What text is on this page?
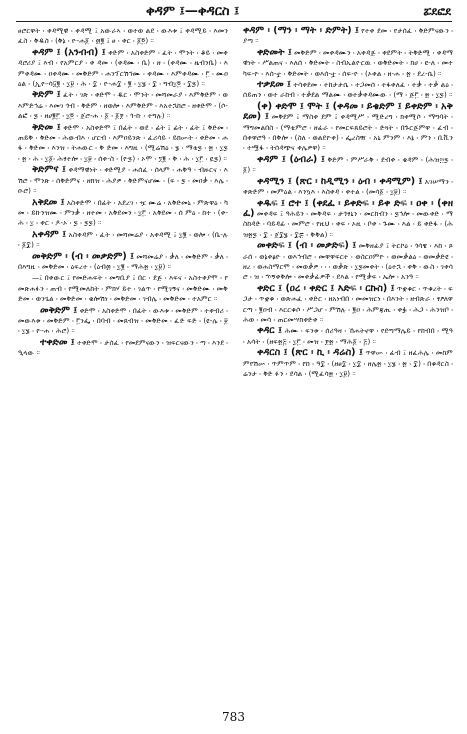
ቀዳም ፤—ቀዳርስ ፤	ፚደፎደ

ፀሮርዋት ፡ ቀዳሚዊ ፡ ቀዳሚ ፤ አውራኣ ፡ ወተወ ልደ ፡ ውእቱ ፤ ቀዳሚይ ፡ እመንፈስ ፡ ቅዱስ ፡ (ቅኔ ፡ ዮ-ሐ፩ ፡ ፴፪ ፤ ፀ ፡ ቀር ፡ ፩፬) ።

ቀዳም ፤ (አንብብ) ፤ ቀድም ፡ አስቀድም ፡ ፈት ፡ ሞንት ፡ ቆይ ፡ መቀዳሮሪያ ፤ እብ ፡ የአምርያ ፡ ቀ ዳመ ፡ (ቀዳሙ ፡ ቤ) ፡ ዘ ፡ (ቀዳሙ ፡ ዜብንቤ) ፡ እምቀዳሙ ፡ ዐቀዳሙ ፡ መቅድም ፡ ሐንፕርሽኅሙ ፡ ቀዳሙ ፡ እምቀዳሙ ፡ ፫ ፡ ሙዐ ዕል ፡ (ኢዮ-ሳ፶፪ ፡ ፲፱ ፡ ሕ ፡ ፰ ፡ ዮ-ሐ፰ ፡ ፪ ፡ ፲፮ ፡ ፰ ፡ ግብ፲፬ ፡ ፰፯) ።

ቅድም ፤ ፈት ፡ ገጽ ፡ ቀድሞ ፡ ዱር ፡ ሞንት ፡ መሻመራያ ፡ እምቅድም ፡ ወእምድኅሬ ፡ እመገ ጎብ ፡ ቅድም ፡ ዘወሎ ፡ እምቅድም ፡ እአተኋከሮ ፡ ዘቀድሞ ፡ (ሶ-ልፎ ፡ ፯ ፡ ዘሀ፪፫ ፡ ፲፬ ፡ ጀሮ-ሐ ፡ ፩ ፡ ፩፻ ፡ ጎ-ኩ ፡ ተግሉ) ።

ቅድመ ፤ ቀድሞ ፡ አስቀድሞ ፤ በፊት ፡ ወደ ፡ ፊት ፤ ፊት ፡ ፊት ፤ ቅድመ ፡ ጠይቅ ፡ ቅድመ ፡ ሕውብእ ፡ ሆርብ ፡ እምዐይንጽ ፡ ፈሪሳይ ፡ ይክሡት ፡ ቀድመ ፡ ሐፋ ፡ ቅድመ ፡ እንዝ ፡ ትሐውር ፡ ቅ ድመ ፡ እግዚ ፡ (ሚሬሽዕ ፡ ፮ ፡ ማቴ፯ ፡ ፳ ፡ ፲፯ ፡ ፳ ፡ ሕ ፡ ፲፩፡ ሕፃተሎ ፡ ፲፱ ፡ ሰቀ-ስ ፡ (ዮ፯) ፡ ኦሞ ፡ ፺፪ ፡ ቅ ፡ ሕ ፡ ፲፫ ፡ ዬ፯) ።

ቅድምና ፤ ቀዳማዊነት ፡ ቀድሚያ ፡ ሐሰፈ ፡ ሰላም ፡ ሐቅዓ ፡ ብዙርና ፡ እሽሮ ፡ ሞንጽ ፡ ሰቅድምና ፡ ዘክዝ ፡ ሕያዎ ፡ ቅድምናሆሙ ፡ (ፍ ፡ ፯ ፡ መዐቃ ፡ እሌ ፡ ዑሮ) ።

አቅደመ ፤ አስቀድሞ ፡ በፊት ፡ አደረገ ፡ ዧ ሙሬ ፡ አቅድመኒ ፡ ምጽዋዕ ፡ ካመ ፡ ይኩንዝሙ ፡ ምንቃ ፡ ዘተመ ፡ አቅደመን ፡ ፲፫ ፡ አቅደመ ፡ ሰ ምዕ ፡ ከተ ፡ (ቀ-ሕ ፡ ፲ ፡ ቀር ፡ ዶ-ኦ ፡ ፯ ፡ ፯፯) ።

አቀዳም ፤ አስቀዳም ፡ ፈት ፡ መሻመሬያ ፡ አቀዳሚ ፤ ፲፪ ፡ ወሎ ፡ (ቤ-ሉ ፡ ፩፰) ።

መቅድም ፡ (ብ ፡ መቃድም) ፤ መሻመሬያ ፡ ቃለ ፡ መቅድም ፡ ቃለ ፡ በእግዚ ፡ መቅድመ ፡ ዕፍረተ ፡ (ዕብ፴ ፡ ፲፪ ፡ ማሕ፳ ፡ ፲፱) ።

—፤ በቀውር ፤ የመድሐፍት ፡ መግቢያ ፤ በር ፡ ደጅ ፡ እፍና ፡ አስተቀያሞ ፡ የመጽሐፉን ፡ ጠብ ፡ የሚመለከት ፡ ምክሃ ይተ ፡ ገልጥ ፡ የሚገኝና ፡ መቅድሙ ፡ መቅድመ ፡ ወንጌል ፡ መቅድመ ፡ ቄሎሽነ ፡ መቅድመ ፡ ገብሌ ፡ መቅድመ ፡ ተአምር ።

መቅድም ፤ ቀድሞ ፡ አስቀድሞ ፡ በፊት ፡ ውእቱ ፡ መቅድም ፡ ተቀብሪ ፡ መውእቱ ፡ መቅድም ፡ ፫ንፌ ፡ በባብ ፡ መጸብዝ ፡ መቅድመ ፡ ፈድ ፍድ ፡ (ዩ-ሌ ፡ ፱ ፡ ፲፮ ፡ ዮ-ሐ ፡ ሕሮ) ።

ተቀድመ ፤ ተቀድሞ ፡ ታሰፈ ፡ የመደምናውን ፡ ዝፍርናውን ፡ ጣ ፡ እንደ ፡ ዒላው ።

ቀዳም ፡ (ማን ፡ ማት ፡ ድምት) ፤ የተቀ ደመ ፡ የታሰፈ ፡ ቅድምናውን ፡ ያጣ ።

ቀድመት ፤ መቅድም ፡ መቀዳሙን ፡ አቀዳጅ ፡ ቀደምት ፡ ትቅድሚ ፡ ቀዳማዊነት ፡ ሥልጠና ፡ እለሰ ፡ ቅድመት ፡ ስብኡልዮርዉ ፡ ወቅድመት ፡ ክሀ ፡ ዩ-ለ ፡ መተካፍ-ዮ ፡ እሰ-ቷ ፡ ቅድመት ፡ ወእሰ-ቷ ፡ ሰፍ-ዮ ፡ (ኦቀል ፡ ዘ-ሐ ፡ ፳ ፡ ደረ-ሴ) ።

ተቃደመ ፤ ተሳቀደመ ፡ ተከታታሴ ፡ ተጋመሰ ፡ ተፋቀለፈ ፡ ተቃ ፡ ተቃ ልዕ ፡ ሰይጠን ፡ ወተ ራከብ ፡ ተቃደል ማልሙ ፡ ወተቃቀዳሙው ፡ (ማ ፡ ጅ፫ ፡ ፳ ፡ ፲፯) ።

(ቀ) ቀድሞ ፤ ሞት ፤ (ቀዳመ ፡ ይቄድም ፤ ይቀድም ፡ አቅደመ) ፤ መቅደም ፤ ማስቀ ደም ፤ ቀዳሚሥ ፡ ሚድረግ ፡ ክቀሚሶ ፡ ማግባት ፡ ማግመልበስ ፡ (ማቴምሮ ፡ ዘፊራ ፡ የመርፍጸይሮት ፡ ድጓት ፡ በጉርጅምዋ ፡ ፈብ ፡ በቀዋሮዓ ፡ በቅሎ ፡ (ስለ ፡ ወልደዮቀ) ፡ ፌረስዥ ፡ አኒ ምንም ፡ እኔ ፡ ምን ፡ ቢቪን ፡ ተሟፋ ፡ ትሰዳጭና ቀሌዎዋ) ።

ቀዳም ፤ (ዕብራ) ፤ ቅድም ፡ ምሥራቅ ፡ ደብቀ ፡ ቄዳም ፡ (ሕዝ፵፯ ፡ ፩) ።

ቀዳሚን ፤ (ጽር ፡ ከዲሚን ፡ ዕብ ፡ ቀዳሚም) ፤ አገሠማን ፡ ቀጽድም ፡ መምዕል ፡ እንኳእ ፡ እስቀዳ ፡ ቀተል ፡ (መሳ፩ ፡ ፲፱) ።

ቀዱፍ ፤ ሮተ ፤ (ቀደፈ ፡ ይቀድፍ ፡ ይቀ ድፍ ፡ ዐቀ ፡ (ቀዘፈ) መቀዳፍ ፤ ዓሕይን ፡ መቅዳፍ ፡ ታጎፃኒን ፡ መርከብን ፡ ፯ኅሎ ፡ መውቀድ ፡ ማስከዳድ ፡ ባይዳፊ ፡ መምሮ ፡ የዚህ ፡ ቀፍ ፡ ኦዚ ፡ ቦቀ ፡ ጉሙ ፡ እል ፡ ይ ቀድፋ ፡ (ሕዝ፳፯ ፡ ፰ ፡ ጀ፰፮ ፡ ፰፷ ፡ ቅቅል) ።

መቀድፍ ፤ (ብ ፡ መቃድፍ) ፤ መቅዘፊያ ፤ ትርኮዕ ፡ ጎሳዌ ፡ እከ ፡ ጾራሰ ፡ ወኔቀፅዮ ፡ ወእኅብሮ ፡ መዋዋፍርተ ፡ ወስርዐምዮ ፡ ወመቃልዕ ፡ ወመቃድዩ ፡ ዘረ ፡ ወሐስማርሞ ፡ መወቃዎ ፡ ፡ ፡ ወቃጽ ፡ ፲፯መቀት ፡ (ዕተኋ ፡ ቀቅ ፡ ውስ ፡ ገቀሳሮ ፡ ዝ ፡ ኍኝቀቅሎ ፡ መቀቃፊዎች ፡ ደእል ፡ የሚቃፍ ፡ ኤሎ ፡ አንዓ ።

ቀድር ፤ (ዐረ ፡ ቀድር ፤ እድፍ ፡ ርኩስ) ፤ ጥቋቁር ፡ ጥቁረት ፡ ፍጋታ ፡ ጥቋቁ ፡ ወጽሐፈ ፡ ቀድር ፡ ዘአነብበ ፡ መመዝርነ ፡ በእንት ፡ ዘብጽራ ፡ ፃፆለዋርጣ ፡ ፪ዐብ ፡ እርርቁሶ ፡ ሥጋሆ ፡ ምሽሉ ፡ ፪ዐ ፡ ሕምጃጢ ፡ ቀፏ ፡ ሕጋ ፡ ሕንዝቦ ፡ ሕወ ፡ መሳ ፡ ጠርመሣክቀድቀ ።

ቀዳር ፤ ሕሙ ፡ ፍንቱ ፡ ሰሪዓዛ ፡ ኸሐትኖዋ ፡ የደጣማሌይ ፡ የከብበ ፡ ሚዓ ፡ አሳት ፡ (ዘፍ፳፭ ፡ ፲፫ ፡ መዝ ፡ ፻፳ ፡ ማሕ፩ ፡ ፭) ።

ቀዳርስ ፤ (ጽር ፡ ኪ ፡ ዳሬስ) ፤ ጥዋሡ ፡ ፊብ ፤ ዘፈሕሌ ፡ መከምምየሽሡ ፡ ጥምጥም ፡ የከ ፡ ዓ፰ ፡ (ዘፀ፰ ፡ ፲፰ ፡ ዘሌ፳ ፡ ፲፮ ፡ ፳ ፡ ፰) ፡ በቁዳርስ ፡ ሬንታ ፡ ቅድ ፉን ፡ ደሳል ፡ (ሚፈሳ፳ ፡ ፲፱) ።

783
